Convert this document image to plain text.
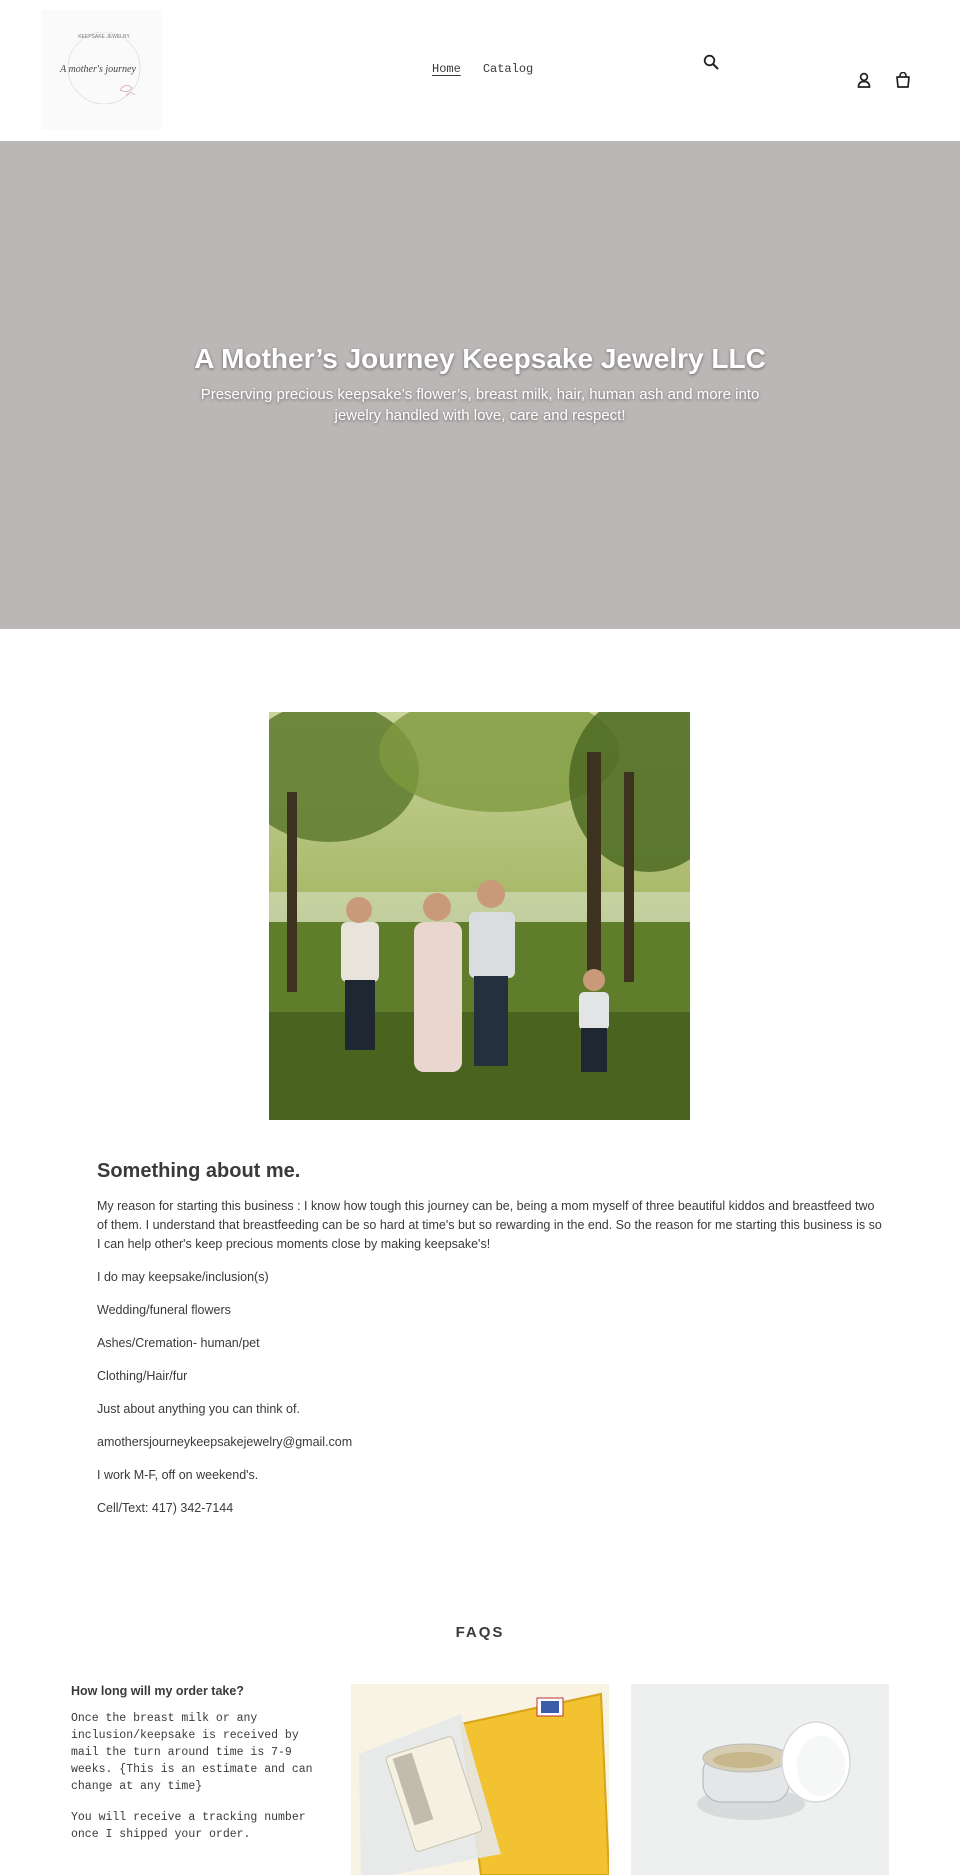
KEEPSAKE JEWELRY
A mother's journey	Home Catalog
A Mother’s Journey Keepsake Jewelry LLC

Preserving precious keepsake’s flower’s, breast milk, hair, human ash and more into jewelry handled with love, care and respect!

Something about me.

My reason for starting this business : I know how tough this journey can be, being a mom myself of three beautiful kiddos and breastfeed two of them. I understand that breastfeeding can be so hard at time's but so rewarding in the end. So the reason for me starting this business is so I can help other's keep precious moments close by making keepsake's!

I do may keepsake/inclusion(s)

Wedding/funeral flowers

Ashes/Cremation- human/pet

Clothing/Hair/fur

Just about anything you can think of.

amothersjourneykeepsakejewelry@gmail.com

I work M-F, off on weekend's.

Cell/Text: 417) 342-7144

FAQS
How long will my order take?

Once the breast milk or any inclusion/keepsake is received by mail the turn around time is 7-9 weeks. {This is an estimate and can change at any time}

You will receive a tracking number once I shipped your order.
